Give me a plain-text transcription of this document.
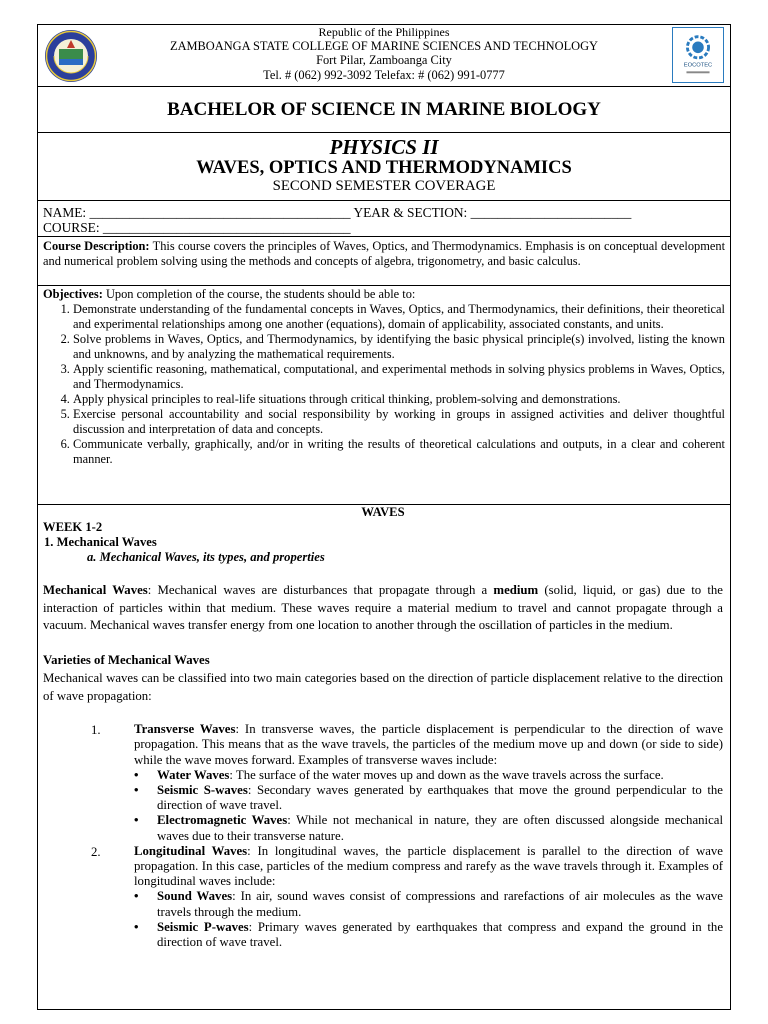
Republic of the Philippines
ZAMBOANGA STATE COLLEGE OF MARINE SCIENCES AND TECHNOLOGY
Fort Pilar, Zamboanga City
Tel. # (062) 992-3092 Telefax: # (062) 991-0777
EOCOTEC
BACHELOR OF SCIENCE IN MARINE BIOLOGY
PHYSICS II
WAVES, OPTICS AND THERMODYNAMICS
SECOND SEMESTER COVERAGE
NAME: _______________________________________ YEAR & SECTION: ________________________
COURSE: _____________________________________
Course Description: This course covers the principles of Waves, Optics, and Thermodynamics. Emphasis is on conceptual development and numerical problem solving using the methods and concepts of algebra, trigonometry, and basic calculus.
Objectives: Upon completion of the course, the students should be able to:
1. Demonstrate understanding of the fundamental concepts in Waves, Optics, and Thermodynamics, their definitions, their theoretical and experimental relationships among one another (equations), domain of applicability, associated constants, and units.
2. Solve problems in Waves, Optics, and Thermodynamics, by identifying the basic physical principle(s) involved, listing the known and unknowns, and by analyzing the mathematical requirements.
3. Apply scientific reasoning, mathematical, computational, and experimental methods in solving physics problems in Waves, Optics, and Thermodynamics.
4. Apply physical principles to real-life situations through critical thinking, problem-solving and demonstrations.
5. Exercise personal accountability and social responsibility by working in groups in assigned activities and deliver thoughtful discussion and interpretation of data and concepts.
6. Communicate verbally, graphically, and/or in writing the results of theoretical calculations and outputs, in a clear and coherent manner.
WAVES
WEEK 1-2
1. Mechanical Waves
a. Mechanical Waves, its types, and properties

Mechanical Waves: Mechanical waves are disturbances that propagate through a medium (solid, liquid, or gas) due to the interaction of particles within that medium. These waves require a material medium to travel and cannot propagate through a vacuum. Mechanical waves transfer energy from one location to another through the oscillation of particles in the medium.

Varieties of Mechanical Waves

Mechanical waves can be classified into two main categories based on the direction of particle displacement relative to the direction of wave propagation:

1.	Transverse Waves: In transverse waves, the particle displacement is perpendicular to the direction of wave propagation. This means that as the wave travels, the particles of the medium move up and down (or side to side) while the wave moves forward. Examples of transverse waves include:
• Water Waves: The surface of the water moves up and down as the wave travels across the surface.
• Seismic S-waves: Secondary waves generated by earthquakes that move the ground perpendicular to the direction of wave travel.
• Electromagnetic Waves: While not mechanical in nature, they are often discussed alongside mechanical waves due to their transverse nature.
2.	Longitudinal Waves: In longitudinal waves, the particle displacement is parallel to the direction of wave propagation. In this case, particles of the medium compress and rarefy as the wave travels through it. Examples of longitudinal waves include:
• Sound Waves: In air, sound waves consist of compressions and rarefactions of air molecules as the wave travels through the medium.
• Seismic P-waves: Primary waves generated by earthquakes that compress and expand the ground in the direction of wave travel.
